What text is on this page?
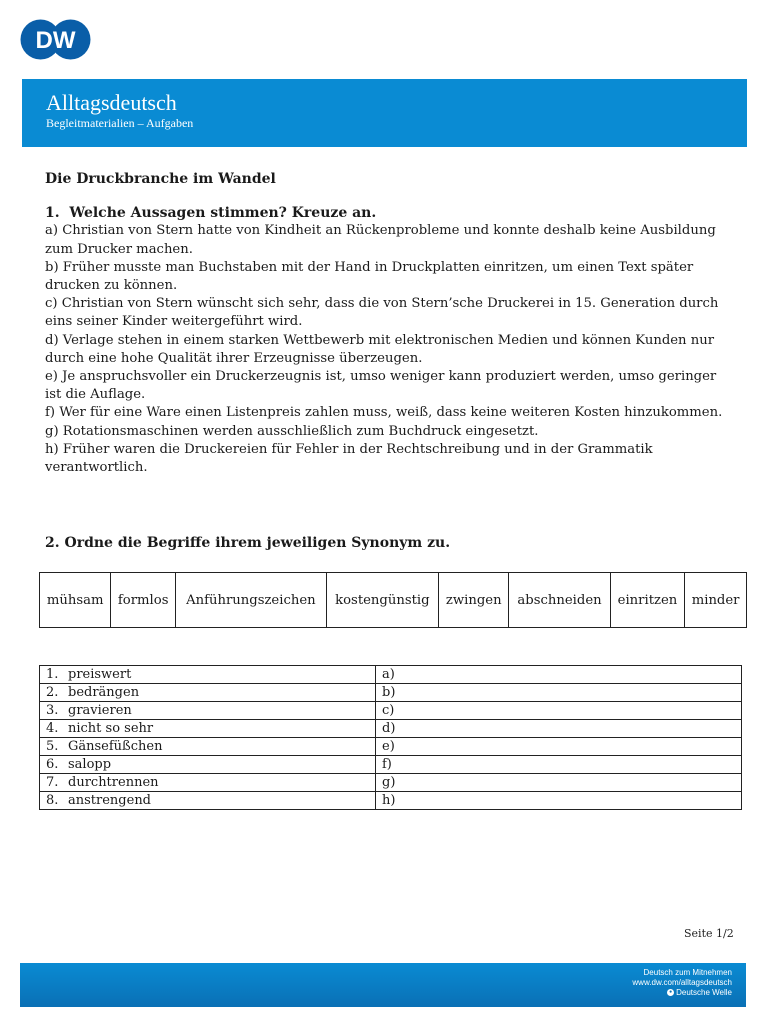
DW
Alltagsdeutsch
Begleitmaterialien – Aufgaben

Die Druckbranche im Wandel

1. Welche Aussagen stimmen? Kreuze an.

a) Christian von Stern hatte von Kindheit an Rückenprobleme und konnte deshalb keine Ausbildung zum Drucker machen.

b) Früher musste man Buchstaben mit der Hand in Druckplatten einritzen, um einen Text später drucken zu können.

c) Christian von Stern wünscht sich sehr, dass die von Stern’sche Druckerei in 15. Generation durch eins seiner Kinder weitergeführt wird.

d) Verlage stehen in einem starken Wettbewerb mit elektronischen Medien und können Kunden nur durch eine hohe Qualität ihrer Erzeugnisse überzeugen.

e) Je anspruchsvoller ein Druckerzeugnis ist, umso weniger kann produziert werden, umso geringer ist die Auflage.

f) Wer für eine Ware einen Listenpreis zahlen muss, weiß, dass keine weiteren Kosten hinzukommen.

g) Rotationsmaschinen werden ausschließlich zum Buchdruck eingesetzt.

h) Früher waren die Druckereien für Fehler in der Rechtschreibung und in der Grammatik verantwortlich.

2. Ordne die Begriffe ihrem jeweiligen Synonym zu.

mühsam	formlos	Anführungszeichen	kostengünstig	zwingen	abschneiden	einritzen	minder
1. preiswert	a)
2. bedrängen	b)
3. gravieren	c)
4. nicht so sehr	d)
5. Gänsefüßchen	e)
6. salopp	f)
7. durchtrennen	g)
8. anstrengend	h)
Seite 1/2
Deutsch zum Mitnehmen
www.dw.com/alltagsdeutsch
● Deutsche Welle
